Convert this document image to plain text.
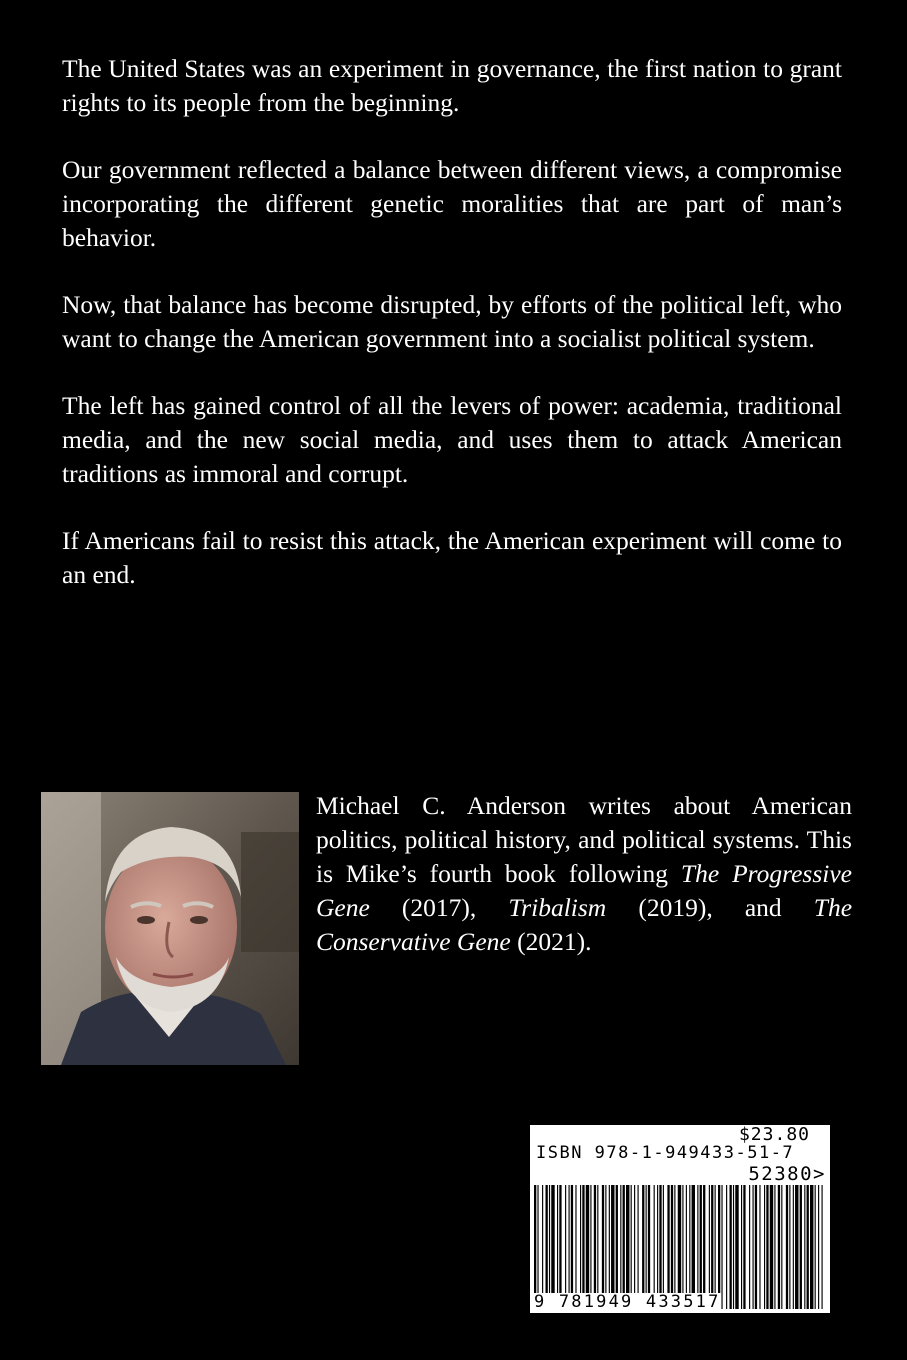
The United States was an experiment in governance, the first nation to grant rights to its people from the beginning.

Our government reflected a balance between different views, a compromise incorporating the different genetic moralities that are part of man’s behavior.

Now, that balance has become disrupted, by efforts of the political left, who want to change the American government into a socialist political system.

The left has gained control of all the levers of power: academia, traditional media, and the new social media, and uses them to attack American traditions as immoral and corrupt.

If Americans fail to resist this attack, the American experiment will come to an end.

Michael C. Anderson writes about American politics, political history, and political systems. This is Mike’s fourth book following The Progressive Gene (2017), Tribalism (2019), and The Conservative Gene (2021).
$23.80
ISBN 978-1-949433-51-7
52380>
9 781949 433517
